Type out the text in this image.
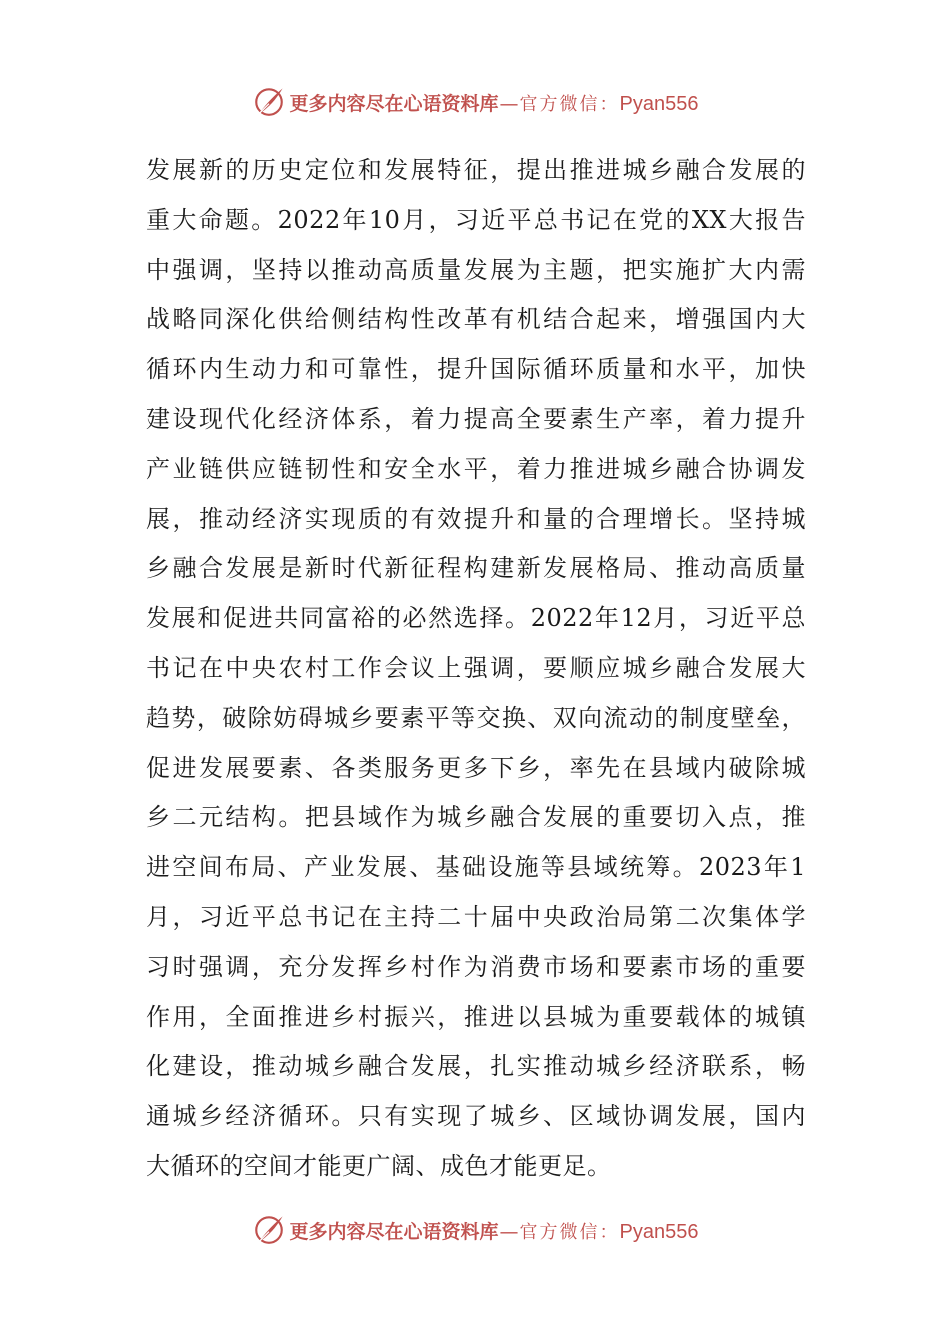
更多内容尽在心语资料库 — 官方微信： Pyan556
发展新的历史定位和发展特征，提出推进城乡融合发展的
重大命题。2022年10月，习近平总书记在党的XX大报告
中强调，坚持以推动高质量发展为主题，把实施扩大内需
战略同深化供给侧结构性改革有机结合起来，增强国内大
循环内生动力和可靠性，提升国际循环质量和水平，加快
建设现代化经济体系，着力提高全要素生产率，着力提升
产业链供应链韧性和安全水平，着力推进城乡融合协调发
展，推动经济实现质的有效提升和量的合理增长。坚持城
乡融合发展是新时代新征程构建新发展格局、推动高质量
发展和促进共同富裕的必然选择。2022年12月，习近平总
书记在中央农村工作会议上强调，要顺应城乡融合发展大
趋势，破除妨碍城乡要素平等交换、双向流动的制度壁垒，
促进发展要素、各类服务更多下乡，率先在县域内破除城
乡二元结构。把县域作为城乡融合发展的重要切入点，推
进空间布局、产业发展、基础设施等县域统筹。2023年1
月，习近平总书记在主持二十届中央政治局第二次集体学
习时强调，充分发挥乡村作为消费市场和要素市场的重要
作用，全面推进乡村振兴，推进以县城为重要载体的城镇
化建设，推动城乡融合发展，扎实推动城乡经济联系，畅
通城乡经济循环。只有实现了城乡、区域协调发展，国内
大循环的空间才能更广阔、成色才能更足。
更多内容尽在心语资料库 — 官方微信： Pyan556
